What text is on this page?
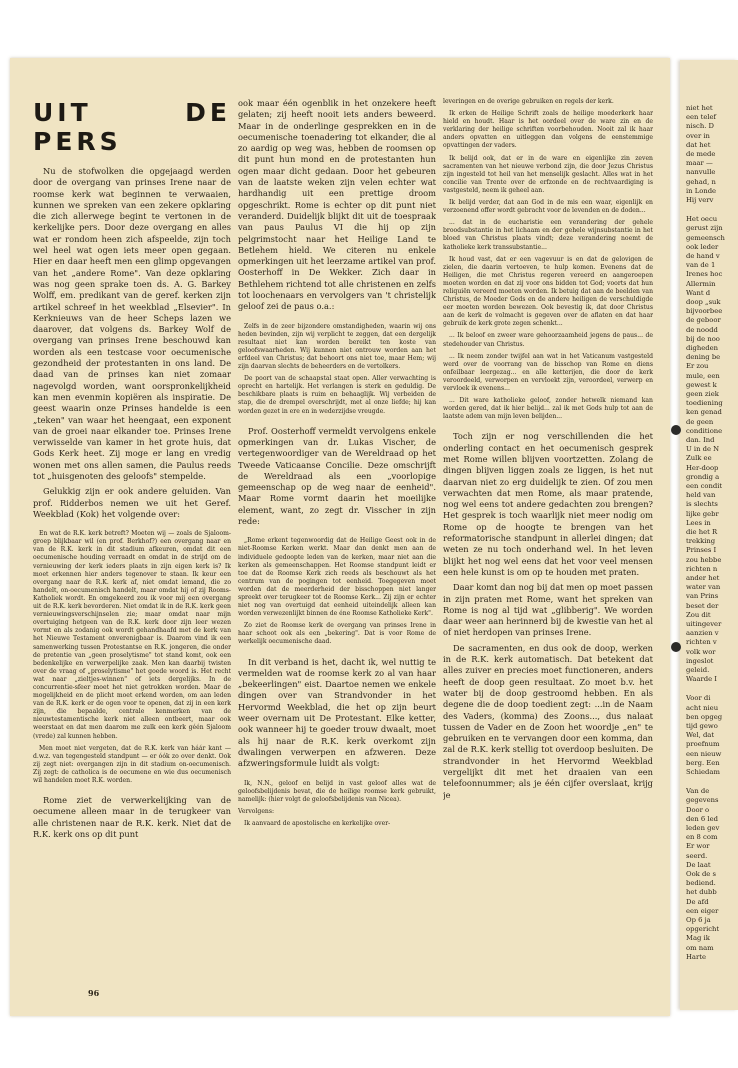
UIT DE PERS

Nu de stofwolken die opgejaagd werden door de overgang van prinses Irene naar de roomse kerk wat beginnen te verwaaien, kunnen we spreken van een zekere opklaring die zich allerwege begint te vertonen in de kerkelijke pers. Door deze overgang en alles wat er rondom heen zich afspeelde, zijn toch wel heel wat ogen iets meer open gegaan. Hier en daar heeft men een glimp opgevangen van het „andere Rome". Van deze opklaring was nog geen sprake toen ds. A. G. Barkey Wolff, em. predikant van de geref. kerken zijn artikel schreef in het weekblad „Elsevier". In Kerknieuws van de heer Scheps lazen we daarover, dat volgens ds. Barkey Wolf de overgang van prinses Irene beschouwd kan worden als een testcase voor oecumenische gezondheid der protestanten in ons land. De daad van de prinses kan niet zomaar nagevolgd worden, want oorspronkelijkheid kan men evenmin kopiëren als inspiratie. De geest waarin onze Prinses handelde is een „teken" van waar het heengaat, een exponent van de groei naar elkander toe. Prinses Irene verwisselde van kamer in het grote huis, dat Gods Kerk heet. Zij moge er lang en vredig wonen met ons allen samen, die Paulus reeds tot „huisgenoten des geloofs" stempelde.

Gelukkig zijn er ook andere geluiden. Van prof. Ridderbos nemen we uit het Geref. Weekblad (Kok) het volgende over:

En wat de R.K. kerk betreft? Moeten wij — zoals de Sjaloom-groep blijkbaar wil (en prof. Berkhof?) een overgang naar en van de R.K. kerk in dit stadium afkeuren, omdat dit een oecumenische houding verraadt en omdat in de strijd om de vernieuwing der kerk ieders plaats in zijn eigen kerk is? Ik moet erkennen hier anders tegenover te staan. Ik keur een overgang naar de R.K. kerk af, niet omdat iemand, die zo handelt, on-oecumenisch handelt, maar omdat hij of zij Rooms-Katholiek wordt. En omgekeerd zou ik voor mij een overgang uit de R.K. kerk bevorderen. Niet omdat ik in de R.K. kerk geen vernieuwingsverschijnselen zie; maar omdat naar mijn overtuiging hetgeen van de R.K. kerk door zijn leer wezen vormt en als zodanig ook wordt gehandhaafd met de kerk van het Nieuwe Testament onverenigbaar is. Daarom vind ik een samenwerking tussen Protestantse en R.K. jongeren, die onder de pretentie van „geen proselytisme" tot stand komt, ook een bedenkelijke en verwerpelijke zaak. Men kan daarbij twisten over de vraag of „proselytisme" het goede woord is. Het recht wat naar „zieltjes-winnen" of iets dergelijks. In de concurrentie-sfeer moet het niet getrokken worden. Maar de mogelijkheid en de plicht moet erkend worden, om aan leden van de R.K. kerk er de ogen voor te openen, dat zij in een kerk zijn, die bepaalde, centrale kenmerken van de nieuwtestamentische kerk niet alleen ontbeert, maar ook weerstaat en dat men daarom me zulk een kerk géén Sjaloom (vrede) zal kunnen hebben.

Men moet niet vergeten, dat de R.K. kerk van háár kant — d.w.z. van tegengesteld standpunt — er óók zo over denkt. Ook zij zegt niet: overgangen zijn in dit stadium on-oecumenisch. Zij zegt: de catholica is de oecumene en wie dus oecumenisch wil handelen moet R.K. worden.

Rome ziet de verwerkelijking van de oecumene alleen maar in de terugkeer van alle christenen naar de R.K. kerk. Niet dat de R.K. kerk ons op dit punt

ook maar één ogenblik in het onzekere heeft gelaten; zij heeft nooit iets anders beweerd. Maar in de onderlinge gesprekken en in de oecumenische toenadering tot elkander, die al zo aardig op weg was, hebben de roomsen op dit punt hun mond en de protestanten hun ogen maar dicht gedaan. Door het gebeuren van de laatste weken zijn velen echter wat hardhandig uit een prettige droom opgeschrikt. Rome is echter op dit punt niet veranderd. Duidelijk blijkt dit uit de toespraak van paus Paulus VI die hij op zijn pelgrimstocht naar het Heilige Land te Betlehem hield. We citeren nu enkele opmerkingen uit het leerzame artikel van prof. Oosterhoff in De Wekker. Zich daar in Bethlehem richtend tot alle christenen en zelfs tot loochenaars en vervolgers van 't christelijk geloof zei de paus o.a.:

Zelfs in de zeer bijzondere omstandigheden, waarin wij ons heden bevinden, zijn wij verplicht te zeggen, dat een dergelijk resultaat niet kan worden bereikt ten koste van geloofswaarheden. Wij kunnen niet ontrouw worden aan het erfdeel van Christus; dat behoort ons niet toe, maar Hem; wij zijn daarvan slechts de beheerders en de vertolkers.

De poort van de schaapstal staat open. Aller verwachting is oprecht en hartelijk. Het verlangen is sterk en geduldig. De beschikbare plaats is ruim en behaaglijk. Wij verbeiden de stap, die de drempel overschrijdt, met al onze liefde; hij kan worden gezet in ere en in wederzijdse vreugde.

Prof. Oosterhoff vermeldt vervolgens enkele opmerkingen van dr. Lukas Vischer, de vertegenwoordiger van de Wereldraad op het Tweede Vaticaanse Concilie. Deze omschrijft de Wereldraad als een „voorlopige gemeenschap op de weg naar de eenheid". Maar Rome vormt daarin het moeilijke element, want, zo zegt dr. Visscher in zijn rede:

„Rome erkent tegenwoordig dat de Heilige Geest ook in de niet-Roomse Kerken werkt. Maar dan denkt men aan de individuele gedoopte leden van de kerken, maar niet aan die kerken als gemeenschappen. Het Roomse standpunt leidt er toe dat de Roomse Kerk zich reeds als beschouwt als het centrum van de pogingen tot eenheid. Toegegeven moet worden dat de meerderheid der bisschoppen niet langer spreekt over terugkeer tot de Roomse Kerk... Zij zijn er echter niet nog van overtuigd dat eenheid uiteindelijk alleen kan worden verwezenlijkt binnen de éne Roomse Katholieke Kerk".

Zo ziet de Roomse kerk de overgang van prinses Irene in haar schoot ook als een „bekering". Dat is voor Rome de werkelijk oecumenische daad.

In dit verband is het, dacht ik, wel nuttig te vermelden wat de roomse kerk zo al van haar „bekeerlingen" eist. Daartoe nemen we enkele dingen over van Strandvonder in het Hervormd Weekblad, die het op zijn beurt weer overnam uit De Protestant. Elke ketter, ook wanneer hij te goeder trouw dwaalt, moet als hij naar de R.K. kerk overkomt zijn dwalingen verwerpen en afzweren. Deze afzweringsformule luidt als volgt:

Ik, N.N., geloof en belijd in vast geloof alles wat de geloofsbelijdenis bevat, die de heilige roomse kerk gebruikt, namelijk: (hier volgt de geloofsbelijdenis van Nicea).

Vervolgens:

Ik aanvaard de apostolische en kerkelijke over-

leveringen en de overige gebruiken en regels der kerk.

Ik erken de Heilige Schrift zoals de heilige moederkerk haar hield en houdt. Haar is het oordeel over de ware zin en de verklaring der heilige schriften voorbehouden. Nooit zal ik haar anders opvatten en uitleggen dan volgens de eenstemmige opvattingen der vaders.

Ik belijd ook, dat er in de ware en eigenlijke zin zeven sacramenten van het nieuwe verbond zijn, die door Jezus Christus zijn ingesteld tot heil van het menselijk geslacht. Alles wat in het concilie van Trente over de erfzonde en de rechtvaardiging is vastgesteld, neem ik geheel aan.

Ik belijd verder, dat aan God in de mis een waar, eigenlijk en verzoenend offer wordt gebracht voor de levenden en de doden...

... dat in de eucharistie een verandering der gehele broodsubstantie in het lichaam en der gehele wijnsubstantie in het bloed van Christus plaats vindt; deze verandering noemt de katholieke kerk transsubstantie...

Ik houd vast, dat er een vagevuur is en dat de gelovigen de zielen, die daarin vertoeven, te hulp komen. Evenens dat de Heiligen, die met Christus regeren vereerd en aangeroepen moeten worden en dat zij voor ons bidden tot God; voorts dat hun reliquiën vereerd moeten worden. Ik betuig dat aan de beelden van Christus, de Moeder Gods en de andere heiligen de verschuldigde eer moeten worden bewezen. Ook bevestig ik, dat door Christus aan de kerk de volmacht is gegeven over de aflaten en dat haar gebruik de kerk grote zegen schenkt...

... Ik beloof en zweer ware gehoorzaamheid jegens de paus... de stedehouder van Christus.

... Ik neem zonder twijfel aan wat in het Vaticanum vastgesteld werd over de voorrang van de bisschop van Rome en diens onfeilbaar leergezag... en alle ketterijen, die door de kerk veroordeeld, verworpen en vervloekt zijn, veroordeel, verwerp en vervloek ik evenens...

... Dit ware katholieke geloof, zonder hetwelk niemand kan worden gered, dat ik hier belijd... zal ik met Gods hulp tot aan de laatste adem van mijn leven belijden...

Toch zijn er nog verschillenden die het onderling contact en het oecumenisch gesprek met Rome willen blijven voortzetten. Zolang de dingen blijven liggen zoals ze liggen, is het nut daarvan niet zo erg duidelijk te zien. Of zou men verwachten dat men Rome, als maar pratende, nog wel eens tot andere gedachten zou brengen? Het gesprek is toch waarlijk niet meer nodig om Rome op de hoogte te brengen van het reformatorische standpunt in allerlei dingen; dat weten ze nu toch onderhand wel. In het leven blijkt het nog wel eens dat het voor veel mensen een hele kunst is om op te houden met praten.

Daar komt dan nog bij dat men op moet passen in zijn praten met Rome, want het spreken van Rome is nog al tijd wat „glibberig". We worden daar weer aan herinnerd bij de kwestie van het al of niet herdopen van prinses Irene.

De sacramenten, en dus ook de doop, werken in de R.K. kerk automatisch. Dat betekent dat alles zuiver en precies moet functioneren, anders heeft de doop geen resultaat. Zo moet b.v. het water bij de doop gestroomd hebben. En als degene die de doop toedient zegt: ...in de Naam des Vaders, (komma) des Zoons..., dus nalaat tussen de Vader en de Zoon het woordje „en" te gebruiken en te vervangen door een komma, dan zal de R.K. kerk stellig tot overdoop besluiten. De strandvonder in het Hervormd Weekblad vergelijkt dit met het draaien van een telefoonnummer; als je één cijfer overslaat, krijg je

96
niet het
een telef
nisch. D
over in
dat het
de mede
maar —
nanvulle
gehad, n
in Londe
Hij verv
Het oecu
gerust zijn
gemeensch
ook leder
de hand v
van de 1
Irenes hoc
Allermin
Want d
doop „suk
bijvoorbee
de geboor
de noodd
bij de noo
digheden
dening be
Er zou
mule, een
gewest k
geen ziek
toediening
ken genad
de geen
conditione
dan. Ind
U in de N
Zulk ee
Her-doop
grondig a
een condit
held van
is slechts
lijke gebr
Lees in
die het R
trekking
Prinses I
zou hebbe
richten n
ander het
water van
van Prins
beset der
Zou dit
uitingever
aanzien v
richten v
volk wor
ingeslot
geleid.
Waarde I
Voor di
acht nieu
ben opgeg
tijd gewo
Wel, dat
proefnum
een nieuw
berg. Een
Schiedam
Van de
gegevens
Door o
den 6 led
leden gev
en 8 com
Er wor
seerd.
De laat
Ook de s
bediend.
het dubb
De afd
een eiger
Op 6 ja
opgericht
Mag ik
om nam
Harte
